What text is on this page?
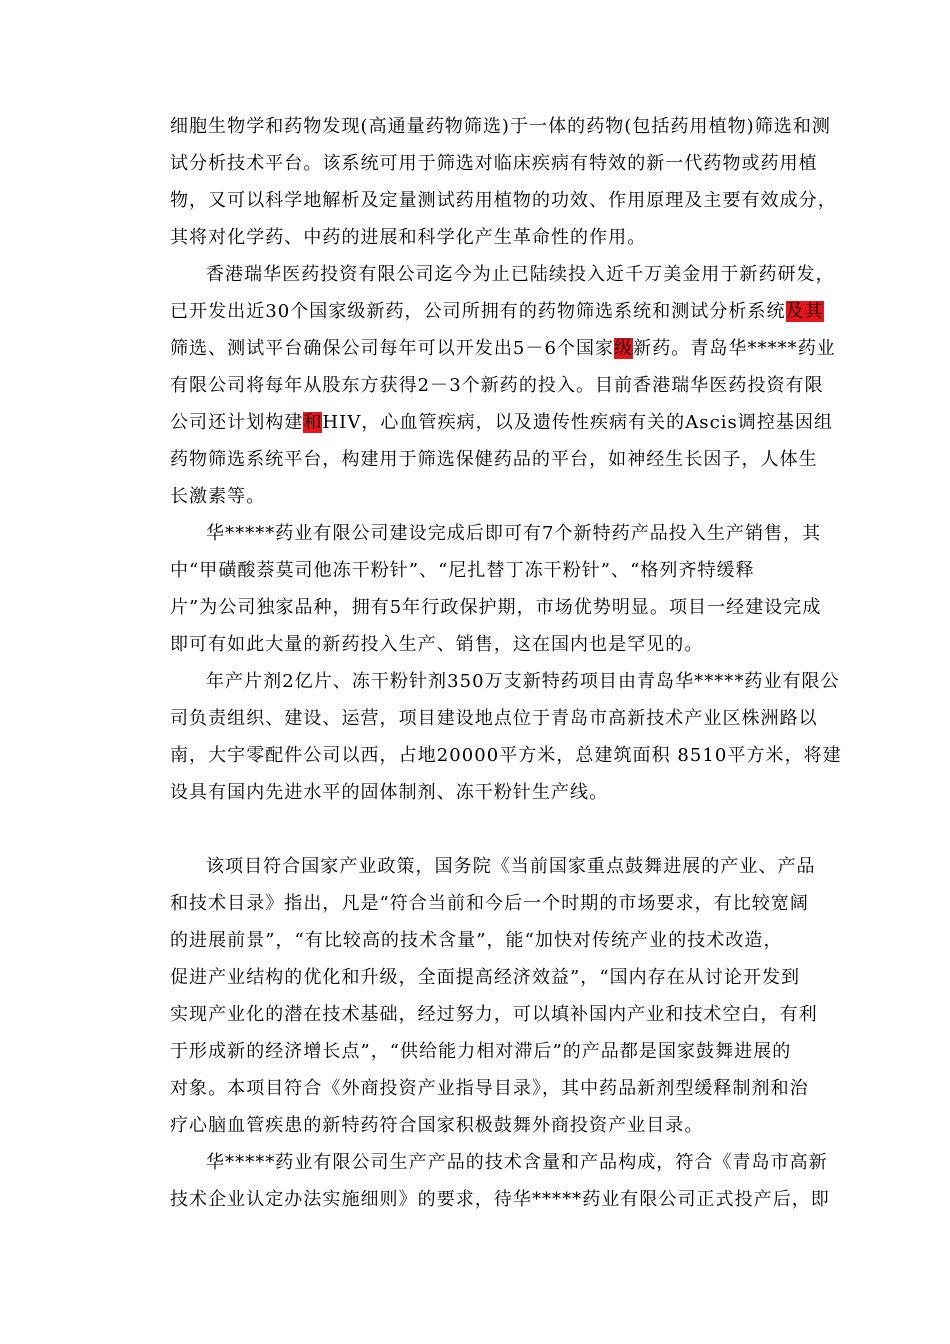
细胞生物学和药物发现(高通量药物筛选)于一体的药物(包括药用植物)筛选和测
试分析技术平台。该系统可用于筛选对临床疾病有特效的新一代药物或药用植
物，又可以科学地解析及定量测试药用植物的功效、作用原理及主要有效成分，
其将对化学药、中药的进展和科学化产生革命性的作用。
香港瑞华医药投资有限公司迄今为止已陆续投入近千万美金用于新药研发，
已开发出近30个国家级新药，公司所拥有的药物筛选系统和测试分析系统及其
筛选、测试平台确保公司每年可以开发出5－6个国家级新药。青岛华*****药业
有限公司将每年从股东方获得2－3个新药的投入。目前香港瑞华医药投资有限
公司还计划构建和HIV，心血管疾病，以及遗传性疾病有关的Ascis调控基因组
药物筛选系统平台，构建用于筛选保健药品的平台，如神经生长因子，人体生
长激素等。
华*****药业有限公司建设完成后即可有7个新特药产品投入生产销售，其
中“甲磺酸萘莫司他冻干粉针”、“尼扎替丁冻干粉针”、“格列齐特缓释
片”为公司独家品种，拥有5年行政保护期，市场优势明显。项目一经建设完成
即可有如此大量的新药投入生产、销售，这在国内也是罕见的。
年产片剂2亿片、冻干粉针剂350万支新特药项目由青岛华*****药业有限公
司负责组织、建设、运营，项目建设地点位于青岛市高新技术产业区株洲路以
南，大宇零配件公司以西，占地20000平方米，总建筑面积 8510平方米，将建
设具有国内先进水平的固体制剂、冻干粉针生产线。
该项目符合国家产业政策，国务院《当前国家重点鼓舞进展的产业、产品
和技术目录》指出，凡是“符合当前和今后一个时期的市场要求，有比较宽阔
的进展前景”，“有比较高的技术含量”，能“加快对传统产业的技术改造，
促进产业结构的优化和升级，全面提高经济效益”，“国内存在从讨论开发到
实现产业化的潜在技术基础，经过努力，可以填补国内产业和技术空白，有利
于形成新的经济增长点”，“供给能力相对滞后”的产品都是国家鼓舞进展的
对象。本项目符合《外商投资产业指导目录》，其中药品新剂型缓释制剂和治
疗心脑血管疾患的新特药符合国家积极鼓舞外商投资产业目录。
华*****药业有限公司生产产品的技术含量和产品构成，符合《青岛市高新
技术企业认定办法实施细则》的要求，待华*****药业有限公司正式投产后，即
